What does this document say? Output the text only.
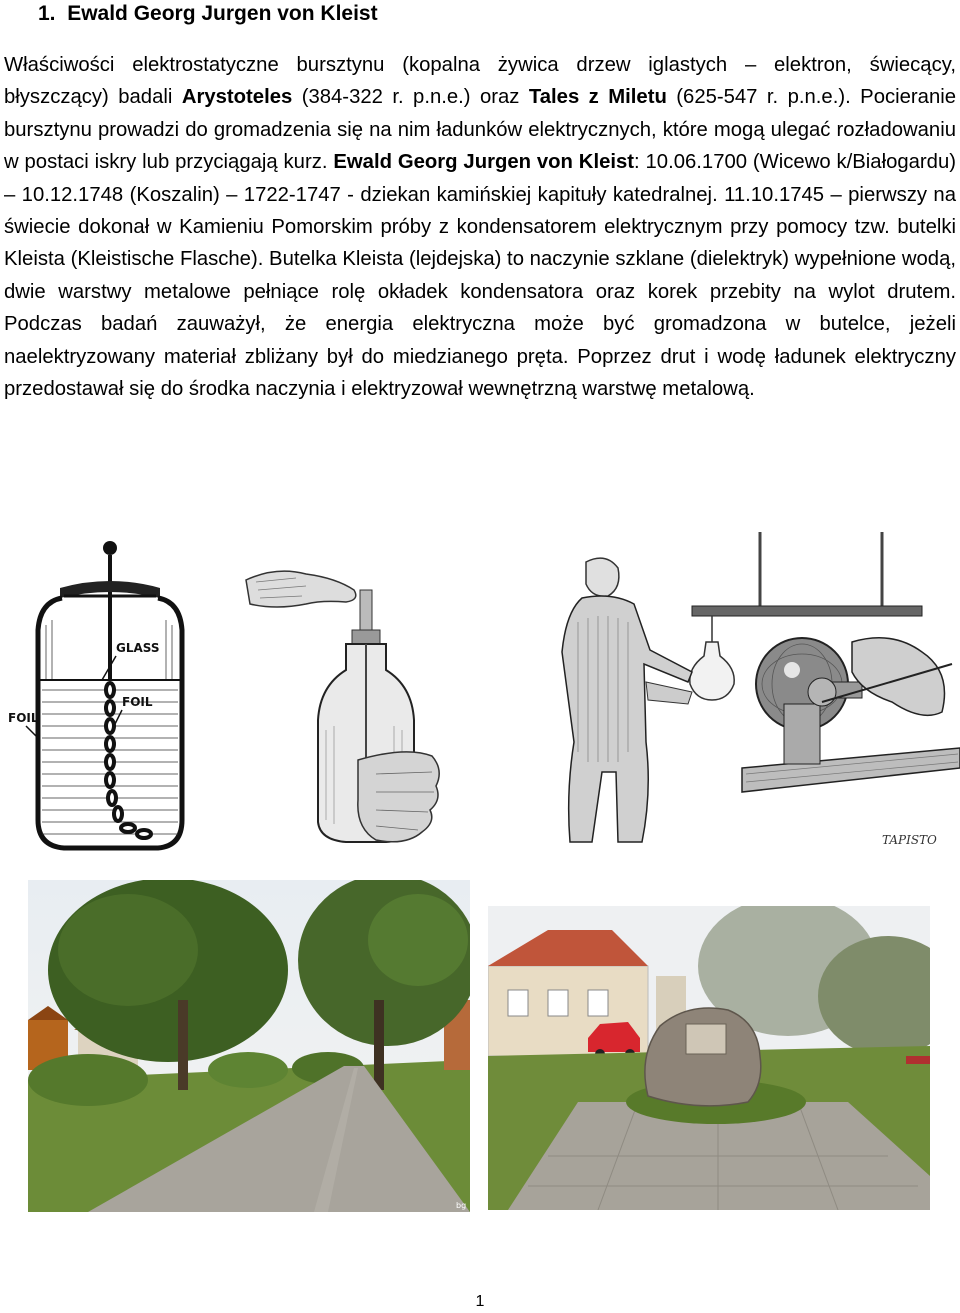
1. Ewald Georg Jurgen von Kleist

Właściwości elektrostatyczne bursztynu (kopalna żywica drzew iglastych – elektron, świecący, błyszczący) badali Arystoteles (384-322 r. p.n.e.) oraz Tales z Miletu (625-547 r. p.n.e.). Pocieranie bursztynu prowadzi do gromadzenia się na nim ładunków elektrycznych, które mogą ulegać rozładowaniu w postaci iskry lub przyciągają kurz. Ewald Georg Jurgen von Kleist: 10.06.1700 (Wicewo k/Białogardu) – 10.12.1748 (Koszalin) – 1722-1747 - dziekan kamińskiej kapituły katedralnej. 11.10.1745 – pierwszy na świecie dokonał w Kamieniu Pomorskim próby z kondensatorem elektrycznym przy pomocy tzw. butelki Kleista (Kleistische Flasche). Butelka Kleista (lejdejska) to naczynie szklane (dielektryk) wypełnione wodą, dwie warstwy metalowe pełniące rolę okładek kondensatora oraz korek przebity na wylot drutem. Podczas badań zauważył, że energia elektryczna może być gromadzona w butelce, jeżeli naelektryzowany materiał zbliżany był do miedzianego pręta. Poprzez drut i wodę ładunek elektryczny przedostawał się do środka naczynia i elektryzował wewnętrzną warstwę metalową.

GLASS
FOIL
FOIL
TAPISTO
bg
1
